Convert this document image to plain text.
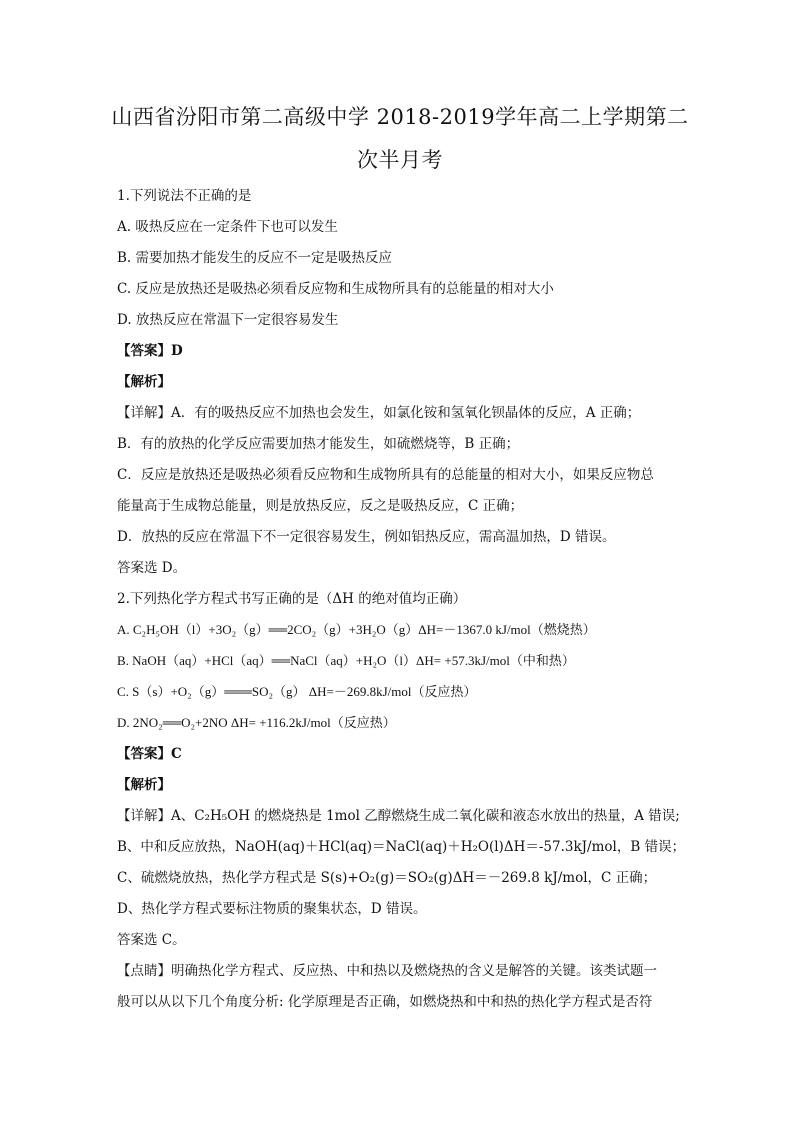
山西省汾阳市第二高级中学 2018-2019学年高二上学期第二
次半月考
1.下列说法不正确的是
A. 吸热反应在一定条件下也可以发生
B. 需要加热才能发生的反应不一定是吸热反应
C. 反应是放热还是吸热必须看反应物和生成物所具有的总能量的相对大小
D. 放热反应在常温下一定很容易发生
【答案】D
【解析】
【详解】A．有的吸热反应不加热也会发生，如氯化铵和氢氧化钡晶体的反应，A 正确；
B．有的放热的化学反应需要加热才能发生，如硫燃烧等，B 正确；
C．反应是放热还是吸热必须看反应物和生成物所具有的总能量的相对大小，如果反应物总
能量高于生成物总能量，则是放热反应，反之是吸热反应，C 正确；
D．放热的反应在常温下不一定很容易发生，例如铝热反应，需高温加热，D 错误。
答案选 D。
2.下列热化学方程式书写正确的是（ΔH 的绝对值均正确）
A. C₂H₅OH（l）+3O₂（g）══2CO₂（g）+3H₂O（g）ΔH=－1367.0 kJ/mol（燃烧热）
B. NaOH（aq）+HCl（aq）══NaCl（aq）+H₂O（l）ΔH= +57.3kJ/mol（中和热）
C. S（s）+O₂（g）═══SO₂（g） ΔH=－269.8kJ/mol（反应热）
D. 2NO₂══O₂+2NO ΔH= +116.2kJ/mol（反应热）
【答案】C
【解析】
【详解】A、C₂H₅OH 的燃烧热是 1mol 乙醇燃烧生成二氧化碳和液态水放出的热量，A 错误;
B、中和反应放热，NaOH(aq)＋HCl(aq)＝NaCl(aq)＋H₂O(l)ΔH＝-57.3kJ/mol，B 错误；
C、硫燃烧放热，热化学方程式是 S(s)+O₂(g)＝SO₂(g)ΔH＝－269.8 kJ/mol，C 正确；
D、热化学方程式要标注物质的聚集状态，D 错误。
答案选 C。
【点睛】明确热化学方程式、反应热、中和热以及燃烧热的含义是解答的关键。该类试题一
般可以从以下几个角度分析: 化学原理是否正确，如燃烧热和中和热的热化学方程式是否符
